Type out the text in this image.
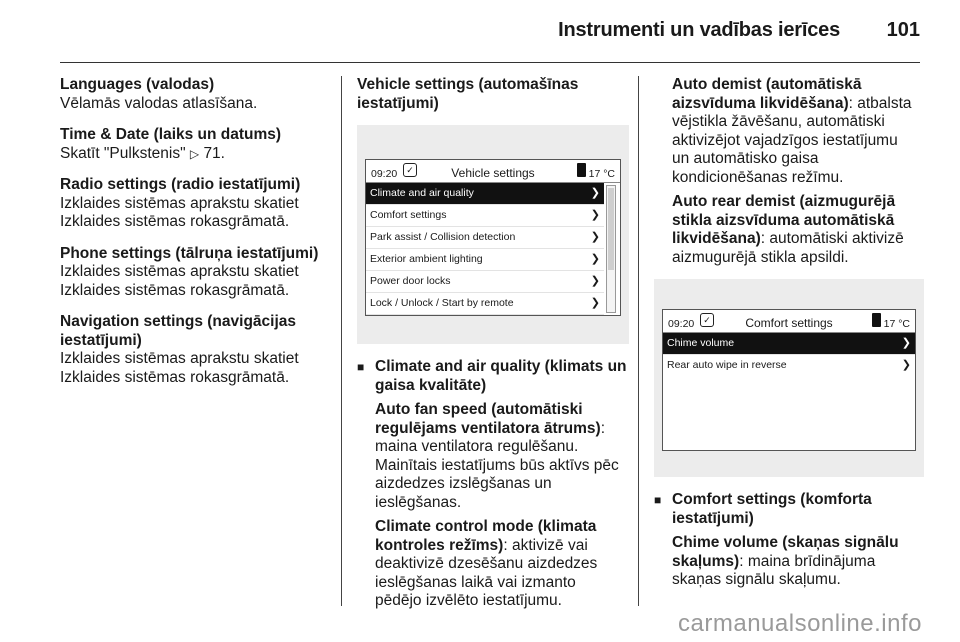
Instrumenti un vadības ierīces 101
Languages (valodas)
Vēlamās valodas atlasīšana.
Time & Date (laiks un datums)
Skatīt "Pulkstenis" ▷ 71.
Radio settings (radio iestatījumi)
Izklaides sistēmas aprakstu skatiet
Izklaides sistēmas rokasgrāmatā.
Phone settings (tālruņa iestatījumi)
Izklaides sistēmas aprakstu skatiet
Izklaides sistēmas rokasgrāmatā.
Navigation settings (navigācijas
iestatījumi)
Izklaides sistēmas aprakstu skatiet
Izklaides sistēmas rokasgrāmatā.
Vehicle settings (automašīnas
iestatījumi)
09:20 ✓	Vehicle settings	17 °C
Climate and air quality	❯
Comfort settings	❯
Park assist / Collision detection	❯
Exterior ambient lighting	❯
Power door locks	❯
Lock / Unlock / Start by remote	❯
■ Climate and air quality (klimats un
gaisa kvalitāte)
Auto fan speed (automātiski
regulējams ventilatora ātrums):
maina ventilatora regulēšanu.
Mainītais iestatījums būs aktīvs pēc
aizdedzes izslēgšanas un
ieslēgšanas.
Climate control mode (klimata
kontroles režīms): aktivizē vai
deaktivizē dzesēšanu aizdedzes
ieslēgšanas laikā vai izmanto
pēdējo izvēlēto iestatījumu.
Auto demist (automātiskā
aizsvīduma likvidēšana): atbalsta
vējstikla žāvēšanu, automātiski
aktivizējot vajadzīgos iestatījumu
un automātisko gaisa
kondicionēšanas režīmu.
Auto rear demist (aizmugurējā
stikla aizsvīduma automātiskā
likvidēšana): automātiski aktivizē
aizmugurējā stikla apsildi.
09:20 ✓	Comfort settings	17 °C
Chime volume	❯
Rear auto wipe in reverse	❯
■ Comfort settings (komforta
iestatījumi)
Chime volume (skaņas signālu
skaļums): maina brīdinājuma
skaņas signālu skaļumu.
carmanualsonline.info
